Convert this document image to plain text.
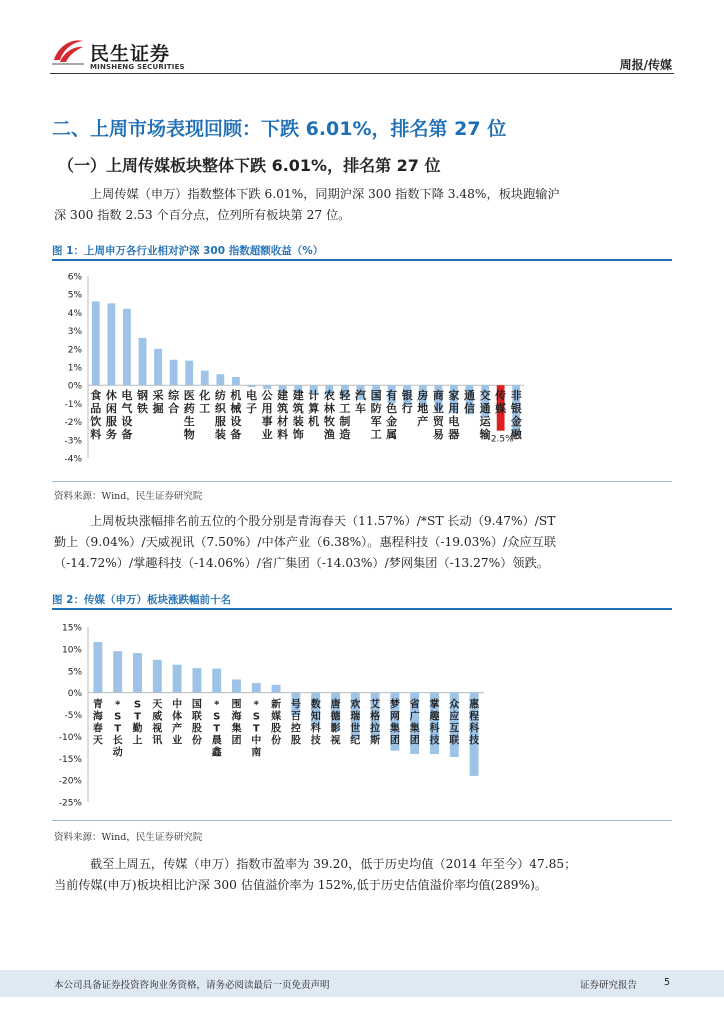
民生证券
MINSHENG SECURITIES	周报/传媒
二、上周市场表现回顾：下跌 6.01%，排名第 27 位
（一）上周传媒板块整体下跌 6.01%，排名第 27 位
上周传媒（申万）指数整体下跌 6.01%，同期沪深 300 指数下降 3.48%，板块跑输沪
深 300 指数 2.53 个百分点，位列所有板块第 27 位。
图 1：上周申万各行业相对沪深 300 指数超额收益（%）
6%
5%
4%
3%
2%
1%
0%
-1%
-2%
-3%
-4%
食品饮料
休闲服务
电气设备
钢铁
采掘
综合
医药生物
化工
纺织服装
机械设备
电子
公用事业
建筑材料
建筑装饰
计算机
农林牧渔
轻工制造
汽车
国防军工
有色金属
银行
房地产
商业贸易
家用电器
通信
交通运输
传媒
-2.5%
非银金融
资料来源：Wind，民生证券研究院
上周板块涨幅排名前五位的个股分别是青海春天（11.57%）/*ST 长动（9.47%）/ST
勤上（9.04%）/天威视讯（7.50%）/中体产业（6.38%）。惠程科技（-19.03%）/众应互联
（-14.72%）/掌趣科技（-14.06%）/省广集团（-14.03%）/梦网集团（-13.27%）领跌。
图 2：传媒（申万）板块涨跌幅前十名
15%
10%
5%
0%
-5%
-10%
-15%
-20%
-25%
青海春天
* S T 长动
S T 勤上
天威视讯
中体产业
国联股份
* S T 晨鑫
围海集团
* S T 中南
新媒股份
号百控股
数知科技
唐德影视
欢瑞世纪
艾格拉斯
梦网集团
省广集团
掌趣科技
众应互联
惠程科技
资料来源：Wind，民生证券研究院
截至上周五，传媒（申万）指数市盈率为 39.20，低于历史均值（2014 年至今）47.85；
当前传媒(申万)板块相比沪深 300 估值溢价率为 152%,低于历史估值溢价率均值(289%)。
本公司具备证券投资咨询业务资格，请务必阅读最后一页免责声明	证券研究报告	5
